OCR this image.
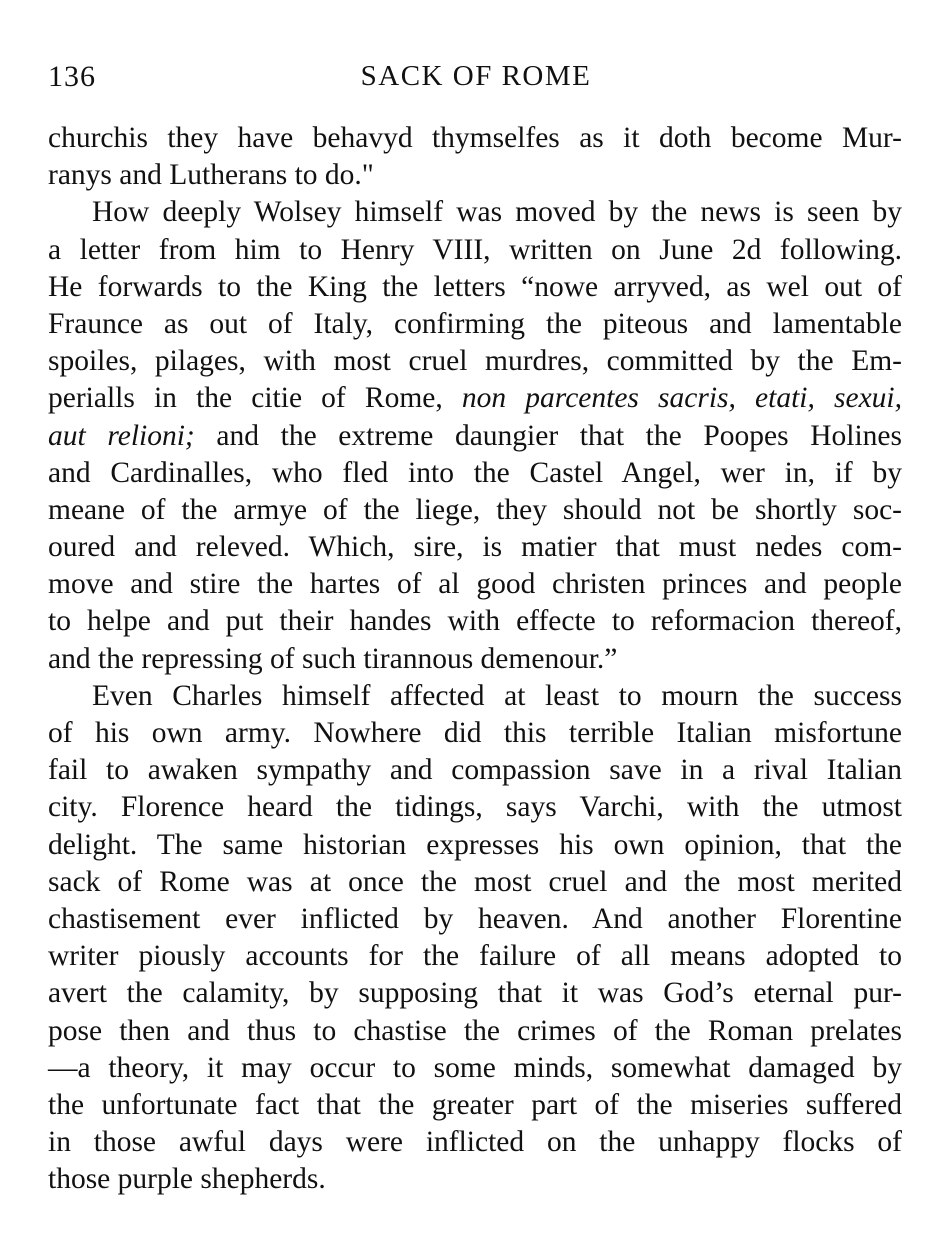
136	SACK OF ROME
churchis they have behavyd thymselfes as it doth become Mur-
ranys and Lutherans to do."
How deeply Wolsey himself was moved by the news is seen by
a letter from him to Henry VIII, written on June 2d following.
He forwards to the King the letters “nowe arryved, as wel out of
Fraunce as out of Italy, confirming the piteous and lamentable
spoiles, pilages, with most cruel murdres, committed by the Em-
perialls in the citie of Rome, non parcentes sacris, etati, sexui,
aut relioni; and the extreme daungier that the Poopes Holines
and Cardinalles, who fled into the Castel Angel, wer in, if by
meane of the armye of the liege, they should not be shortly soc-
oured and releved. Which, sire, is matier that must nedes com-
move and stire the hartes of al good christen princes and people
to helpe and put their handes with effecte to reformacion thereof,
and the repressing of such tirannous demenour.”
Even Charles himself affected at least to mourn the success
of his own army. Nowhere did this terrible Italian misfortune
fail to awaken sympathy and compassion save in a rival Italian
city. Florence heard the tidings, says Varchi, with the utmost
delight. The same historian expresses his own opinion, that the
sack of Rome was at once the most cruel and the most merited
chastisement ever inflicted by heaven. And another Florentine
writer piously accounts for the failure of all means adopted to
avert the calamity, by supposing that it was God’s eternal pur-
pose then and thus to chastise the crimes of the Roman prelates
—a theory, it may occur to some minds, somewhat damaged by
the unfortunate fact that the greater part of the miseries suffered
in those awful days were inflicted on the unhappy flocks of
those purple shepherds.
